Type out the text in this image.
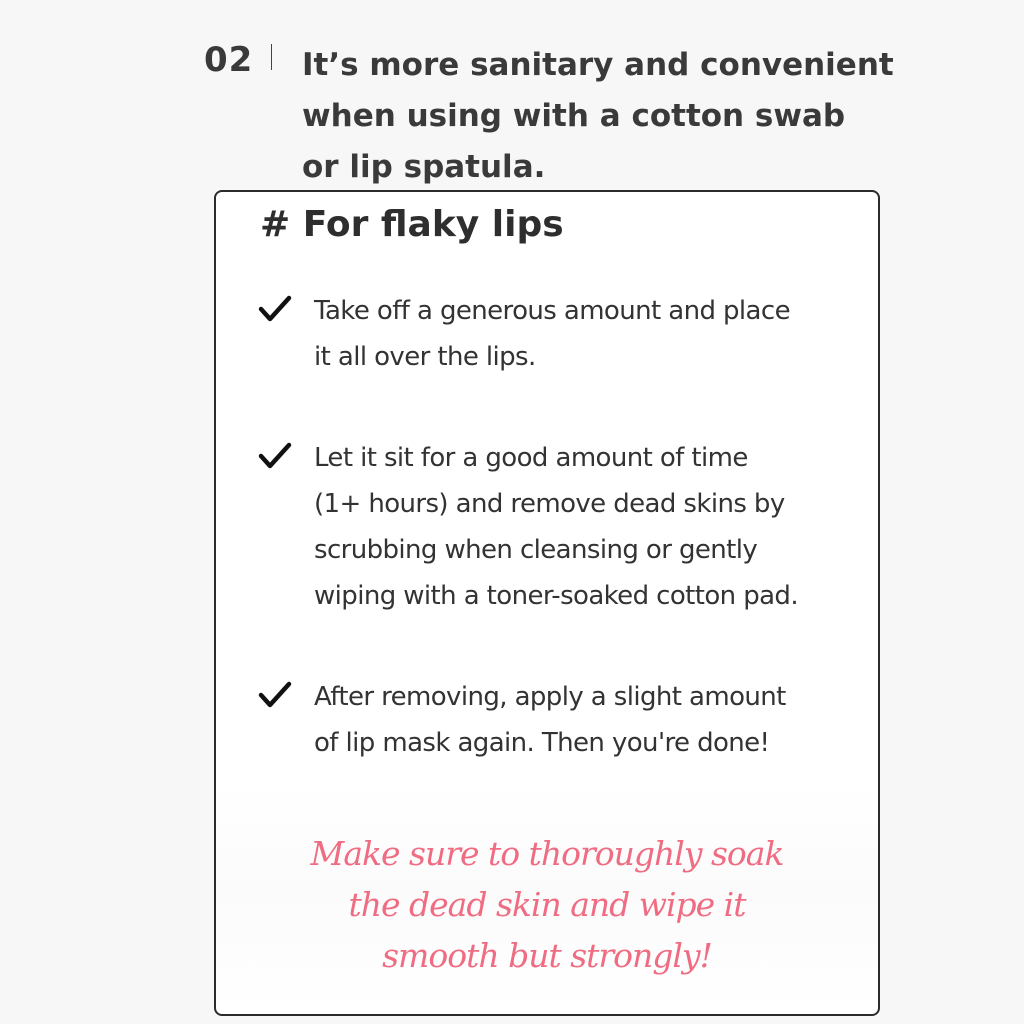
02 It’s more sanitary and convenient
when using with a cotton swab
or lip spatula.
# For flaky lips
Take off a generous amount and place
it all over the lips.
Let it sit for a good amount of time
(1+ hours) and remove dead skins by
scrubbing when cleansing or gently
wiping with a toner-soaked cotton pad.
After removing, apply a slight amount
of lip mask again. Then you're done!
Make sure to thoroughly soak
the dead skin and wipe it
smooth but strongly!
